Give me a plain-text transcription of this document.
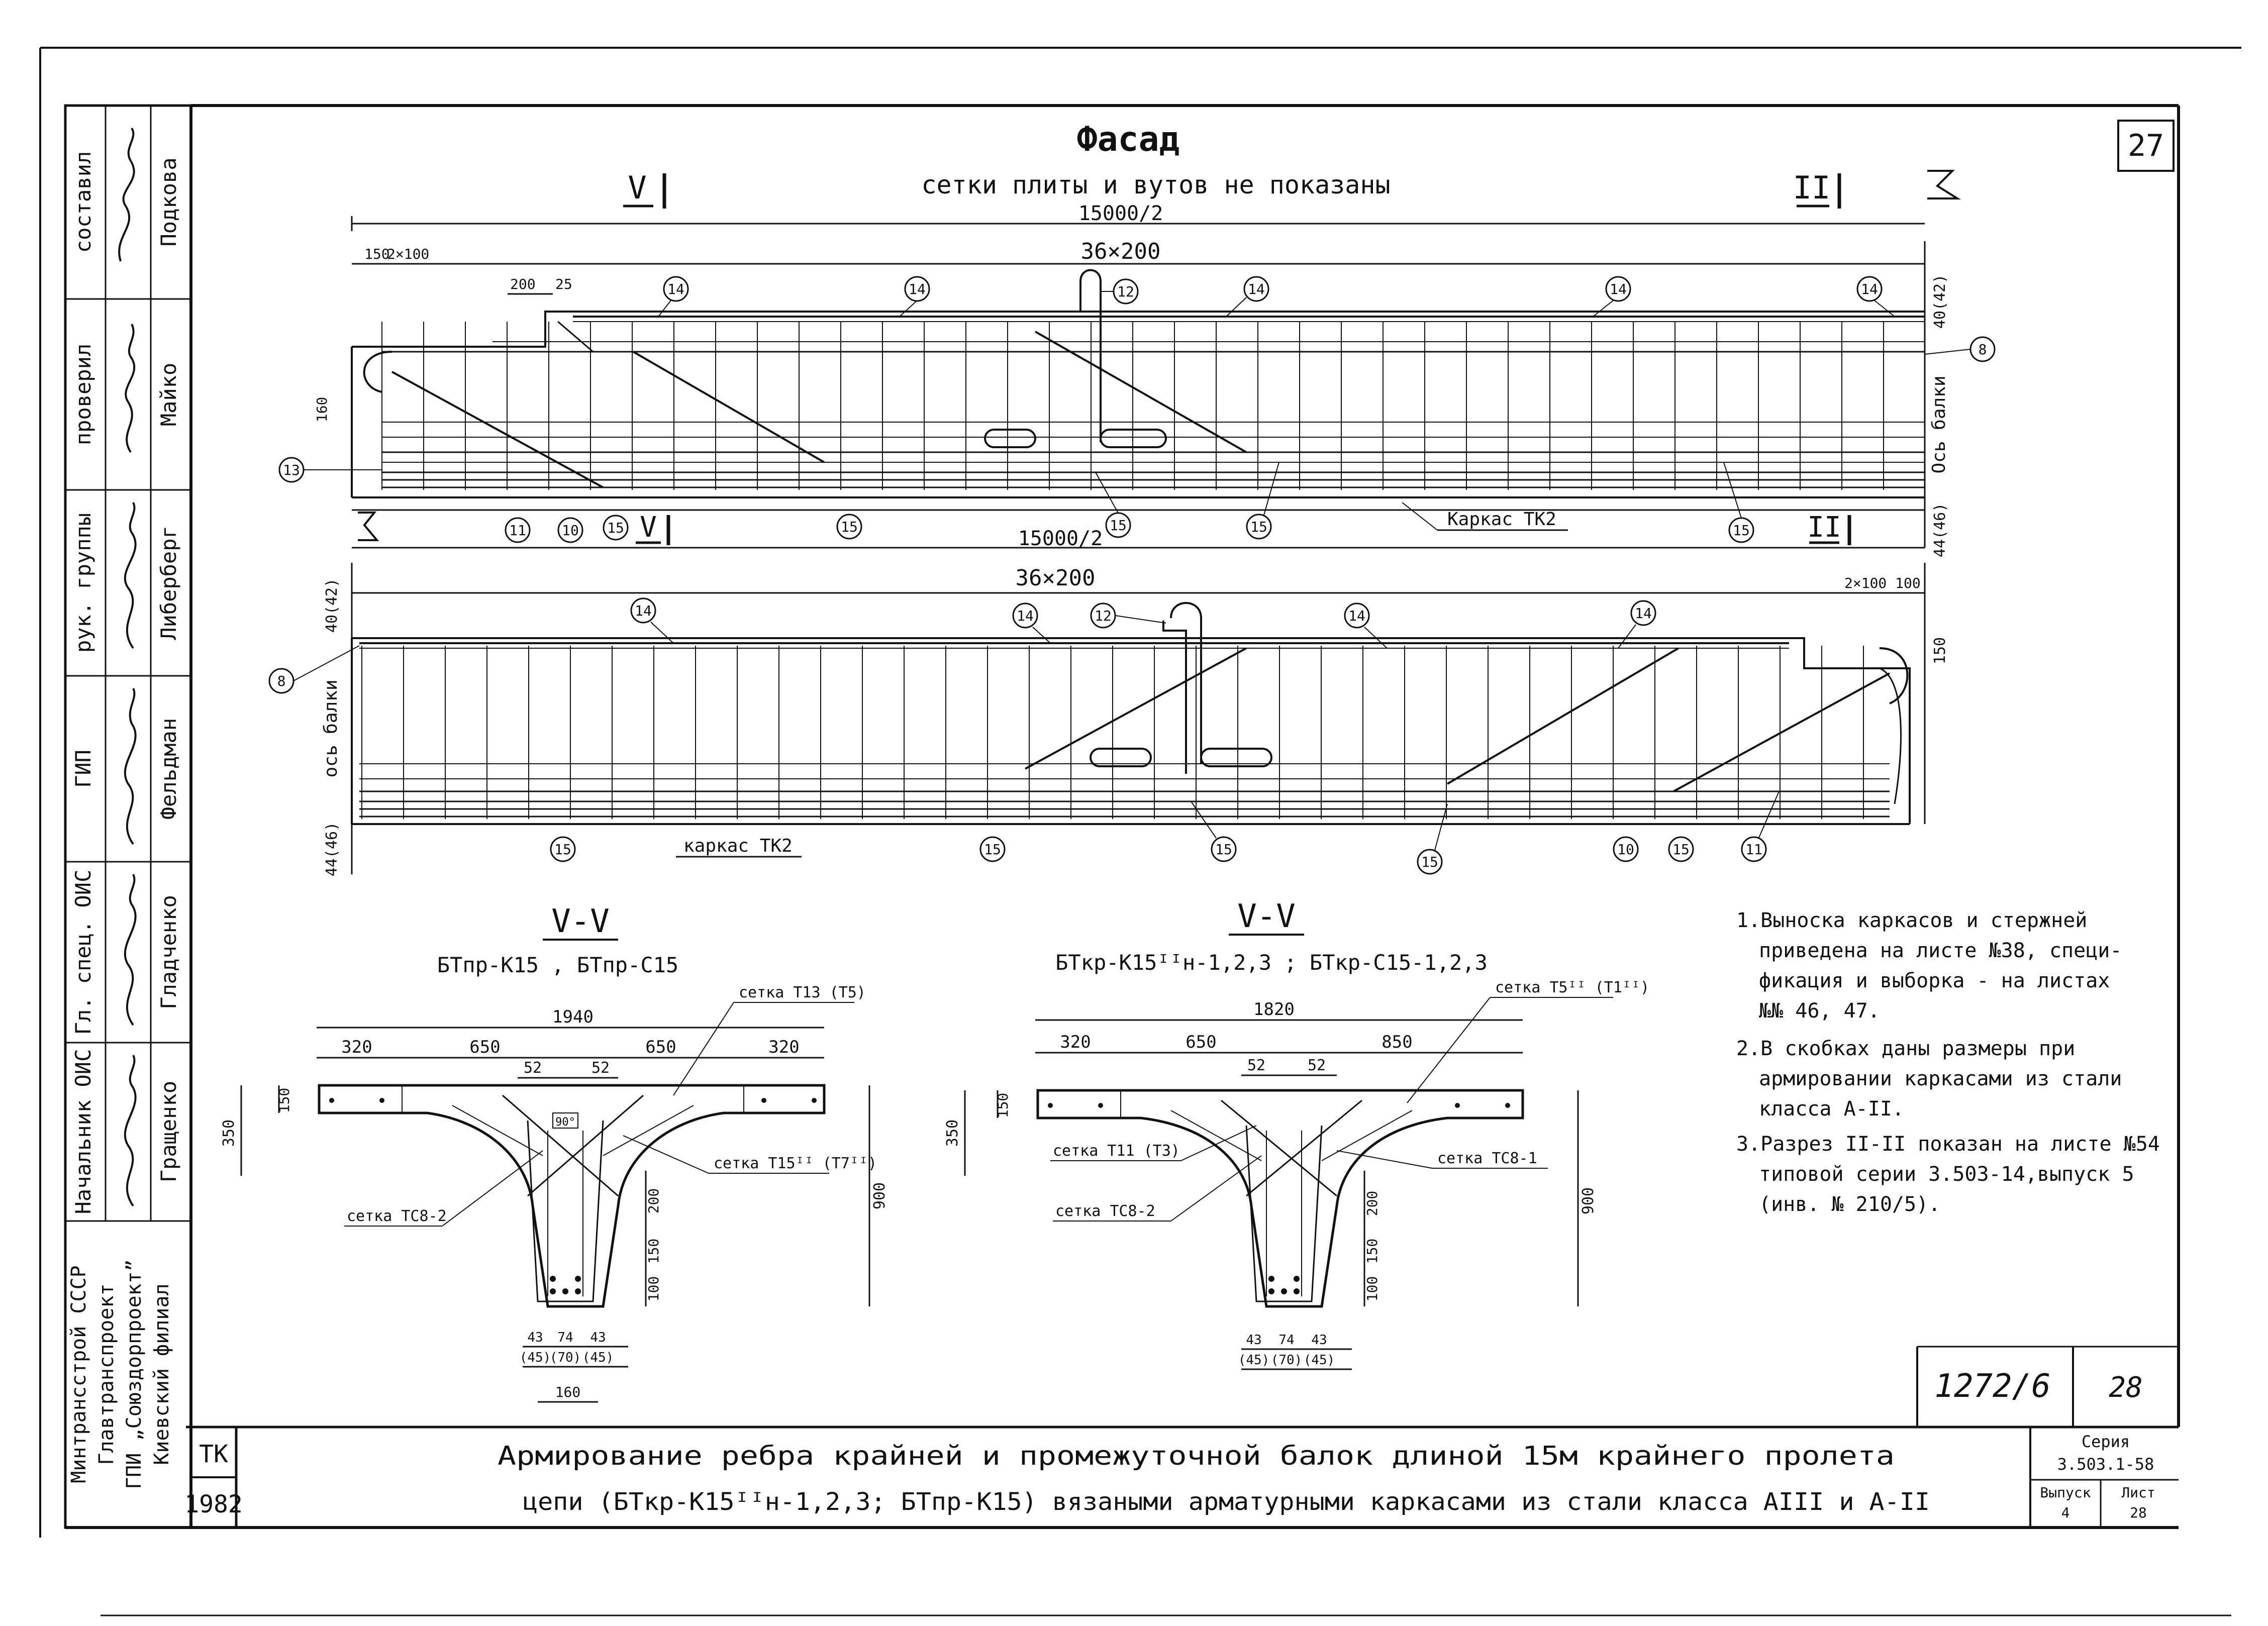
27
составил	Подкова
проверил	Майко
рук. группы	Либерберг
ГИП	Фельдман
Гл. спец. ОИС	Гладченко
Начальник ОИС	Гращенко
Минтрансстрой СССР Главтранспроект ГПИ „Союздорпроект” Киевский филиал
Фасад
сетки плиты и вутов не показаны
V	II
15000/2
36×200
150
2×100
200 25	40(42)
Ось балки
44(46)
160
Каркас ТК2
15000/2
V	II
14	14	12	14	14	14
13
8
11	10 15	15	15	15	15
36×200	2×100 100
40(42)
ось балки
44(46)
150
каркас ТК2
14	14	12	14	14
8
15	15	15
15
10	15	11
V-V
БТпр-К15 , БТпр-С15
1940
320	650	650	320
52	52
90°
150
350
900
200
150
100
43 74 43
(45)
(70) (45)
160
сетка Т13 (Т5)
сетка Т15ᴵᴵ (Т7ᴵᴵ)
сетка ТС8-2
V-V
БТкр-К15ᴵᴵн-1,2,3 ; БТкр-С15-1,2,3
1820
320	650	850
52	52
150
350
900
200
150
100
43 74 43
(45) (70) (45)
сетка Т5ᴵᴵ (Т1ᴵᴵ)
сетка Т11 (Т3)	сетка ТС8-1
сетка ТС8-2
1.Выноска каркасов и стержней
приведена на листе №38, специ-
фикация и выборка - на листах
№№ 46, 47.
2.В скобках даны размеры при
армировании каркасами из стали
класса А-II.
3.Разрез II-II показан на листе №54
типовой серии 3.503-14,выпуск 5
(инв. № 210/5).
1272/6 28
ТК
1982
Армирование ребра крайней и промежуточной балок длиной 15м крайнего пролета
цепи (БТкр-К15ᴵᴵн-1,2,3; БТпр-К15) вязаными арматурными каркасами из стали класса АIII и А-II
Серия
3.503.1-58
Выпуск
4
Лист
28
